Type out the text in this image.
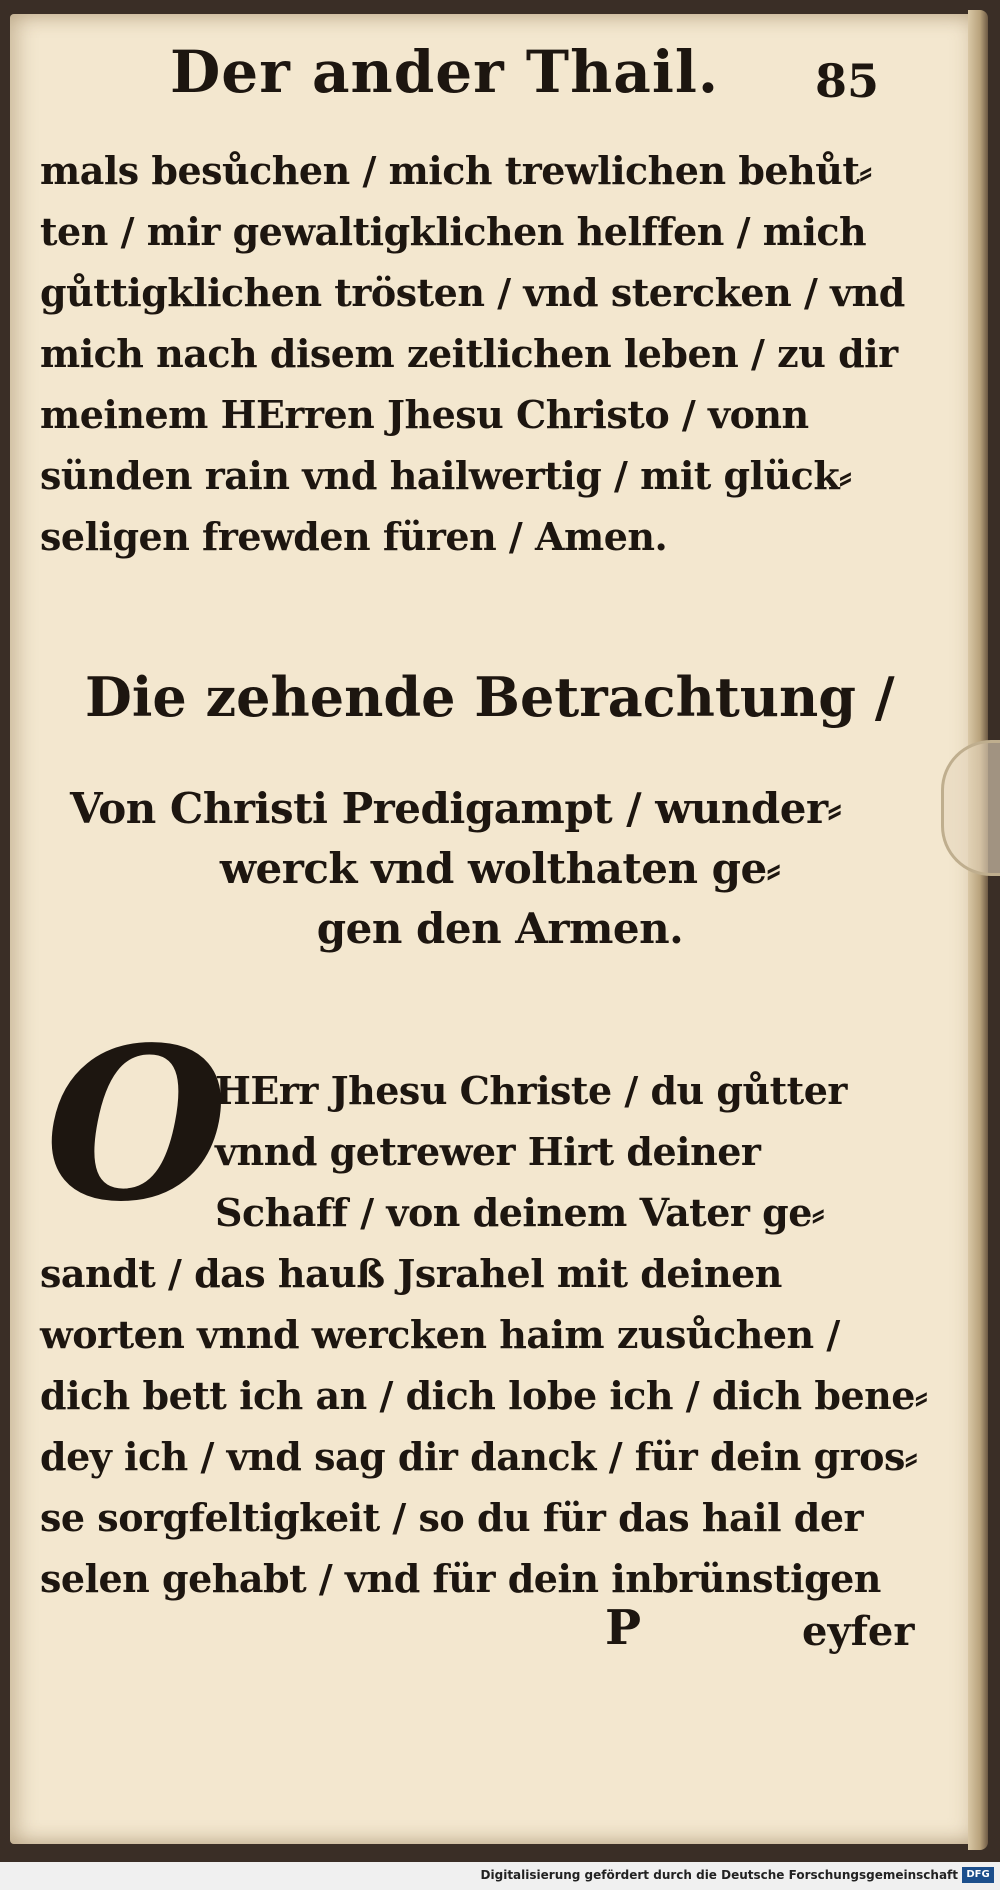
Der ander Thail. 85
mals besůchen / mich trewlichen behůt⸗
ten / mir gewaltigklichen helffen / mich
gůttigklichen trösten / vnd stercken / vnd
mich nach disem zeitlichen leben / zu dir
meinem HErren Jhesu Christo / vonn
sünden rain vnd hailwertig / mit glück⸗
seligen frewden füren / Amen.
Die zehende Betrachtung /
Von Christi Predigampt / wunder⸗
werck vnd wolthaten ge⸗
gen den Armen.
O
HErr Jhesu Christe / du gůtter
vnnd getrewer Hirt deiner
Schaff / von deinem Vater ge⸗
sandt / das hauß Jsrahel mit deinen
worten vnnd wercken haim zusůchen /
dich bett ich an / dich lobe ich / dich bene⸗
dey ich / vnd sag dir danck / für dein gros⸗
se sorgfeltigkeit / so du für das hail der
selen gehabt / vnd für dein inbrünstigen
P	eyfer
Digitalisierung gefördert durch die Deutsche Forschungsgemeinschaft DFG
